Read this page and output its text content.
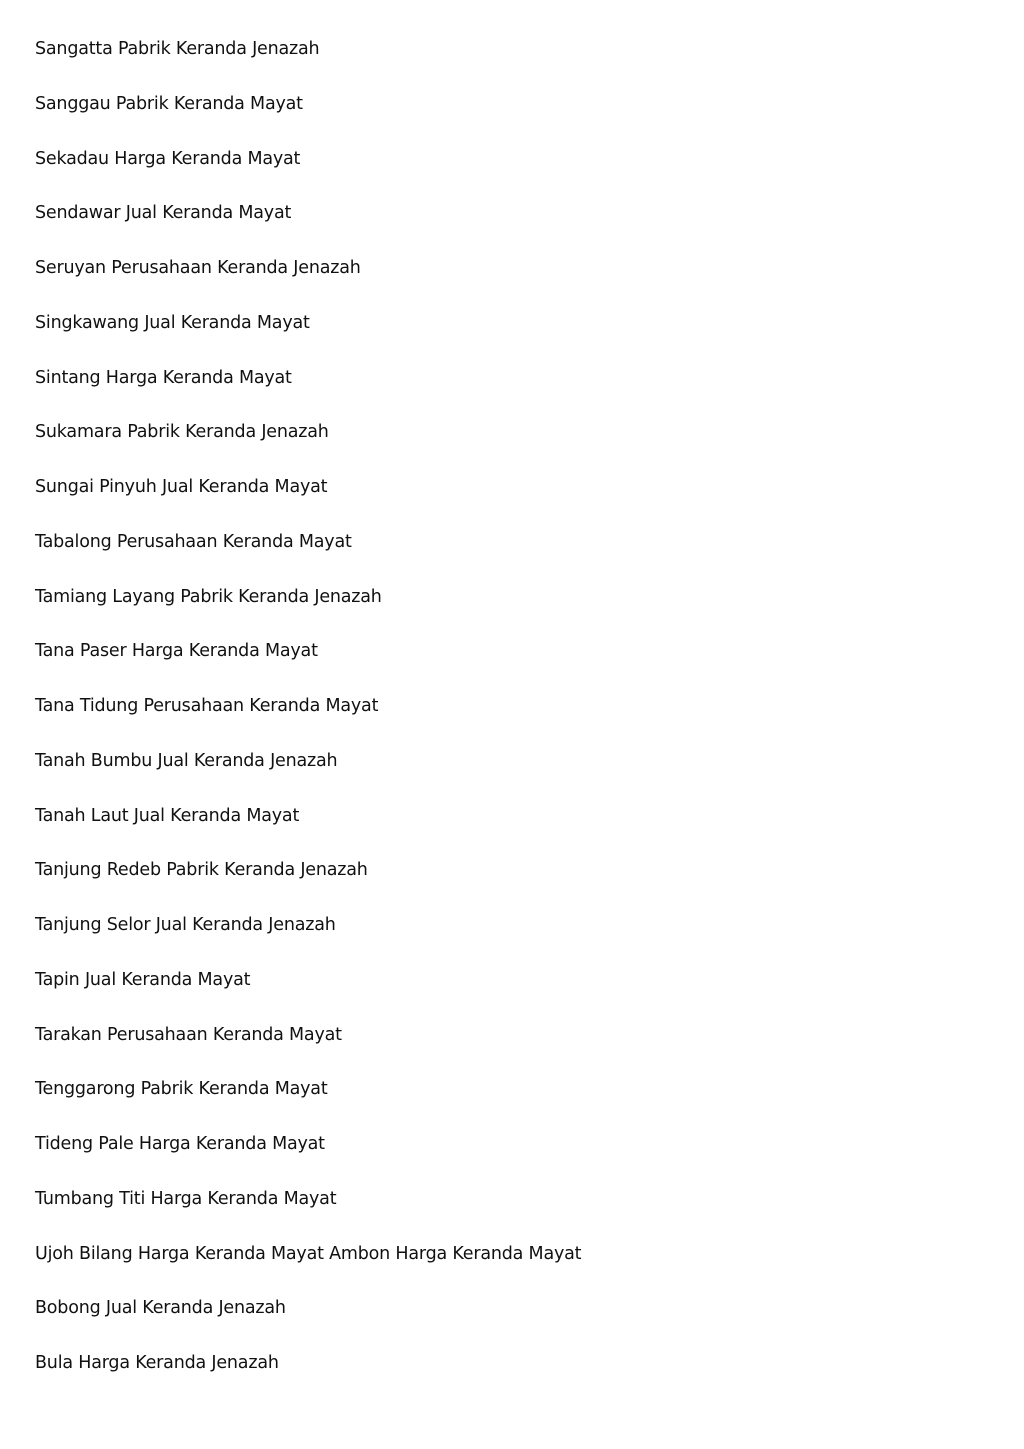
Sangatta Pabrik Keranda Jenazah
Sanggau Pabrik Keranda Mayat
Sekadau Harga Keranda Mayat
Sendawar Jual Keranda Mayat
Seruyan Perusahaan Keranda Jenazah
Singkawang Jual Keranda Mayat
Sintang Harga Keranda Mayat
Sukamara Pabrik Keranda Jenazah
Sungai Pinyuh Jual Keranda Mayat
Tabalong Perusahaan Keranda Mayat
Tamiang Layang Pabrik Keranda Jenazah
Tana Paser Harga Keranda Mayat
Tana Tidung Perusahaan Keranda Mayat
Tanah Bumbu Jual Keranda Jenazah
Tanah Laut Jual Keranda Mayat
Tanjung Redeb Pabrik Keranda Jenazah
Tanjung Selor Jual Keranda Jenazah
Tapin Jual Keranda Mayat
Tarakan Perusahaan Keranda Mayat
Tenggarong Pabrik Keranda Mayat
Tideng Pale Harga Keranda Mayat
Tumbang Titi Harga Keranda Mayat
Ujoh Bilang Harga Keranda Mayat Ambon Harga Keranda Mayat
Bobong Jual Keranda Jenazah
Bula Harga Keranda Jenazah
